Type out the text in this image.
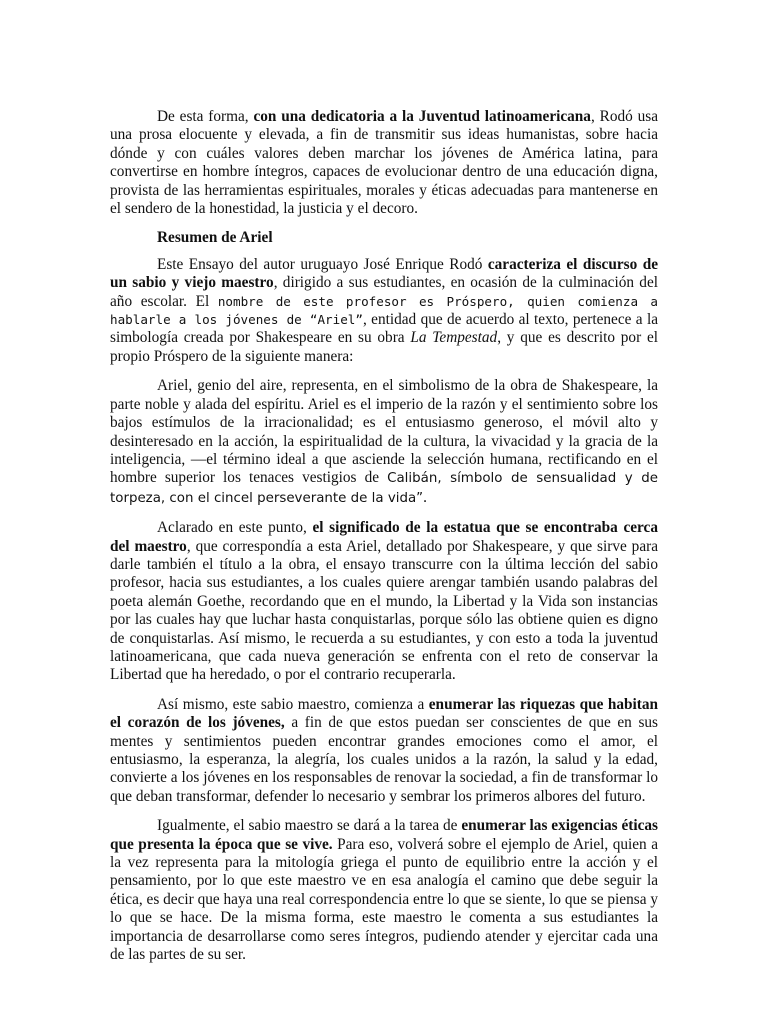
De esta forma, con una dedicatoria a la Juventud latinoamericana, Rodó usa una prosa elocuente y elevada, a fin de transmitir sus ideas humanistas, sobre hacia dónde y con cuáles valores deben marchar los jóvenes de América latina, para convertirse en hombre íntegros, capaces de evolucionar dentro de una educación digna, provista de las herramientas espirituales, morales y éticas adecuadas para mantenerse en el sendero de la honestidad, la justicia y el decoro.

Resumen de Ariel

Este Ensayo del autor uruguayo José Enrique Rodó caracteriza el discurso de un sabio y viejo maestro, dirigido a sus estudiantes, en ocasión de la culminación del año escolar. El nombre de este profesor es Próspero, quien comienza a hablarle a los jóvenes de “Ariel”, entidad que de acuerdo al texto, pertenece a la simbología creada por Shakespeare en su obra La Tempestad, y que es descrito por el propio Próspero de la siguiente manera:

Ariel, genio del aire, representa, en el simbolismo de la obra de Shakespeare, la parte noble y alada del espíritu. Ariel es el imperio de la razón y el sentimiento sobre los bajos estímulos de la irracionalidad; es el entusiasmo generoso, el móvil alto y desinteresado en la acción, la espiritualidad de la cultura, la vivacidad y la gracia de la inteligencia, —el término ideal a que asciende la selección humana, rectificando en el hombre superior los tenaces vestigios de Calibán, símbolo de sensualidad y de torpeza, con el cincel perseverante de la vida”.

Aclarado en este punto, el significado de la estatua que se encontraba cerca del maestro, que correspondía a esta Ariel, detallado por Shakespeare, y que sirve para darle también el título a la obra, el ensayo transcurre con la última lección del sabio profesor, hacia sus estudiantes, a los cuales quiere arengar también usando palabras del poeta alemán Goethe, recordando que en el mundo, la Libertad y la Vida son instancias por las cuales hay que luchar hasta conquistarlas, porque sólo las obtiene quien es digno de conquistarlas. Así mismo, le recuerda a su estudiantes, y con esto a toda la juventud latinoamericana, que cada nueva generación se enfrenta con el reto de conservar la Libertad que ha heredado, o por el contrario recuperarla.

Así mismo, este sabio maestro, comienza a enumerar las riquezas que habitan el corazón de los jóvenes, a fin de que estos puedan ser conscientes de que en sus mentes y sentimientos pueden encontrar grandes emociones como el amor, el entusiasmo, la esperanza, la alegría, los cuales unidos a la razón, la salud y la edad, convierte a los jóvenes en los responsables de renovar la sociedad, a fin de transformar lo que deban transformar, defender lo necesario y sembrar los primeros albores del futuro.

Igualmente, el sabio maestro se dará a la tarea de enumerar las exigencias éticas que presenta la época que se vive. Para eso, volverá sobre el ejemplo de Ariel, quien a la vez representa para la mitología griega el punto de equilibrio entre la acción y el pensamiento, por lo que este maestro ve en esa analogía el camino que debe seguir la ética, es decir que haya una real correspondencia entre lo que se siente, lo que se piensa y lo que se hace. De la misma forma, este maestro le comenta a sus estudiantes la importancia de desarrollarse como seres íntegros, pudiendo atender y ejercitar cada una de las partes de su ser.
